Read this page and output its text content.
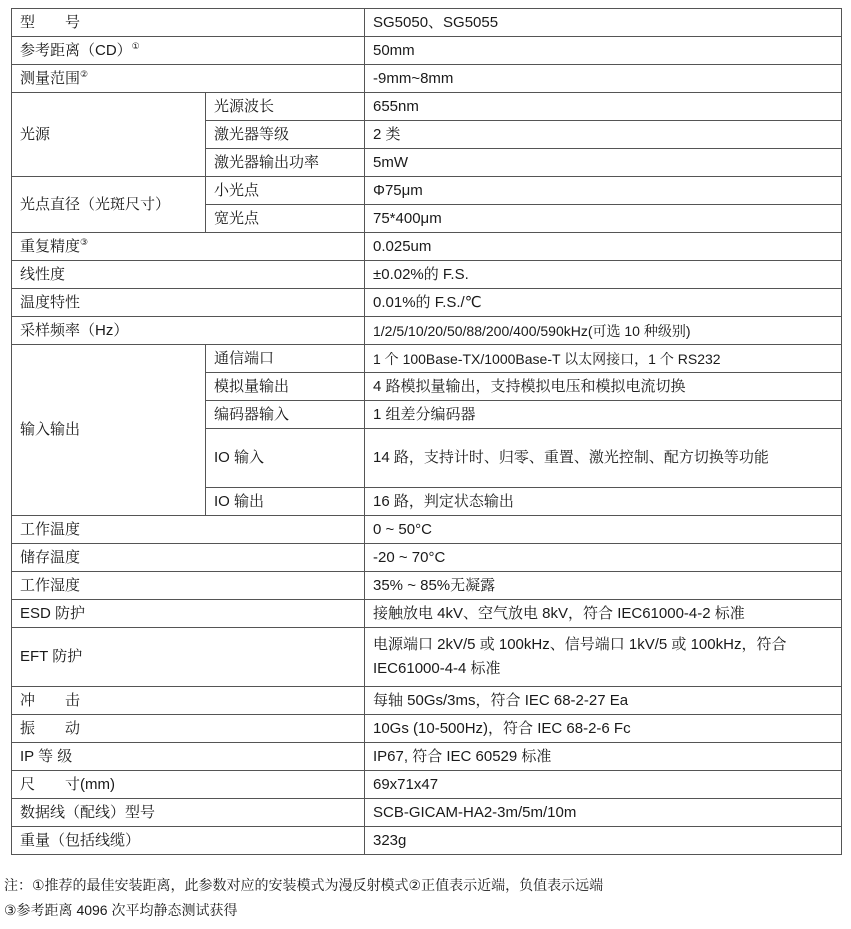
型　　号		SG5050、SG5055
参考距离（CD）①		50mm
测量范围②		-9mm~8mm
光源	光源波长	655nm
	激光器等级	2 类
	激光器输出功率	5mW
光点直径（光斑尺寸）	小光点	Φ75μm
	宽光点	75*400μm
重复精度③		0.025um
线性度		±0.02%的 F.S.
温度特性		0.01%的 F.S./℃
采样频率（Hz）		1/2/5/10/20/50/88/200/400/590kHz(可选 10 种级别)
输入输出	通信端口	1 个 100Base-TX/1000Base-T 以太网接口，1 个 RS232
	模拟量输出	4 路模拟量输出，支持模拟电压和模拟电流切换
	编码器输入	1 组差分编码器
	IO 输入	14 路，支持计时、归零、重置、激光控制、配方切换等功能
	IO 输出	16 路，判定状态输出
工作温度		0 ~ 50°C
储存温度		-20 ~ 70°C
工作湿度		35% ~ 85%无凝露
ESD 防护		接触放电 4kV、空气放电 8kV，符合 IEC61000-4-2 标准
EFT 防护		电源端口 2kV/5 或 100kHz、信号端口 1kV/5 或 100kHz，符合 IEC61000-4-4 标准
冲　　击		每轴 50Gs/3ms，符合 IEC 68-2-27 Ea
振　　动		10Gs (10-500Hz)，符合 IEC 68-2-6 Fc
IP 等 级		IP67, 符合 IEC 60529 标准
尺　　寸(mm)		69x71x47
数据线（配线）型号		SCB-GICAM-HA2-3m/5m/10m
重量（包括线缆）		323g
注：①推荐的最佳安装距离，此参数对应的安装模式为漫反射模式②正值表示近端，负值表示远端
③参考距离 4096 次平均静态测试获得
